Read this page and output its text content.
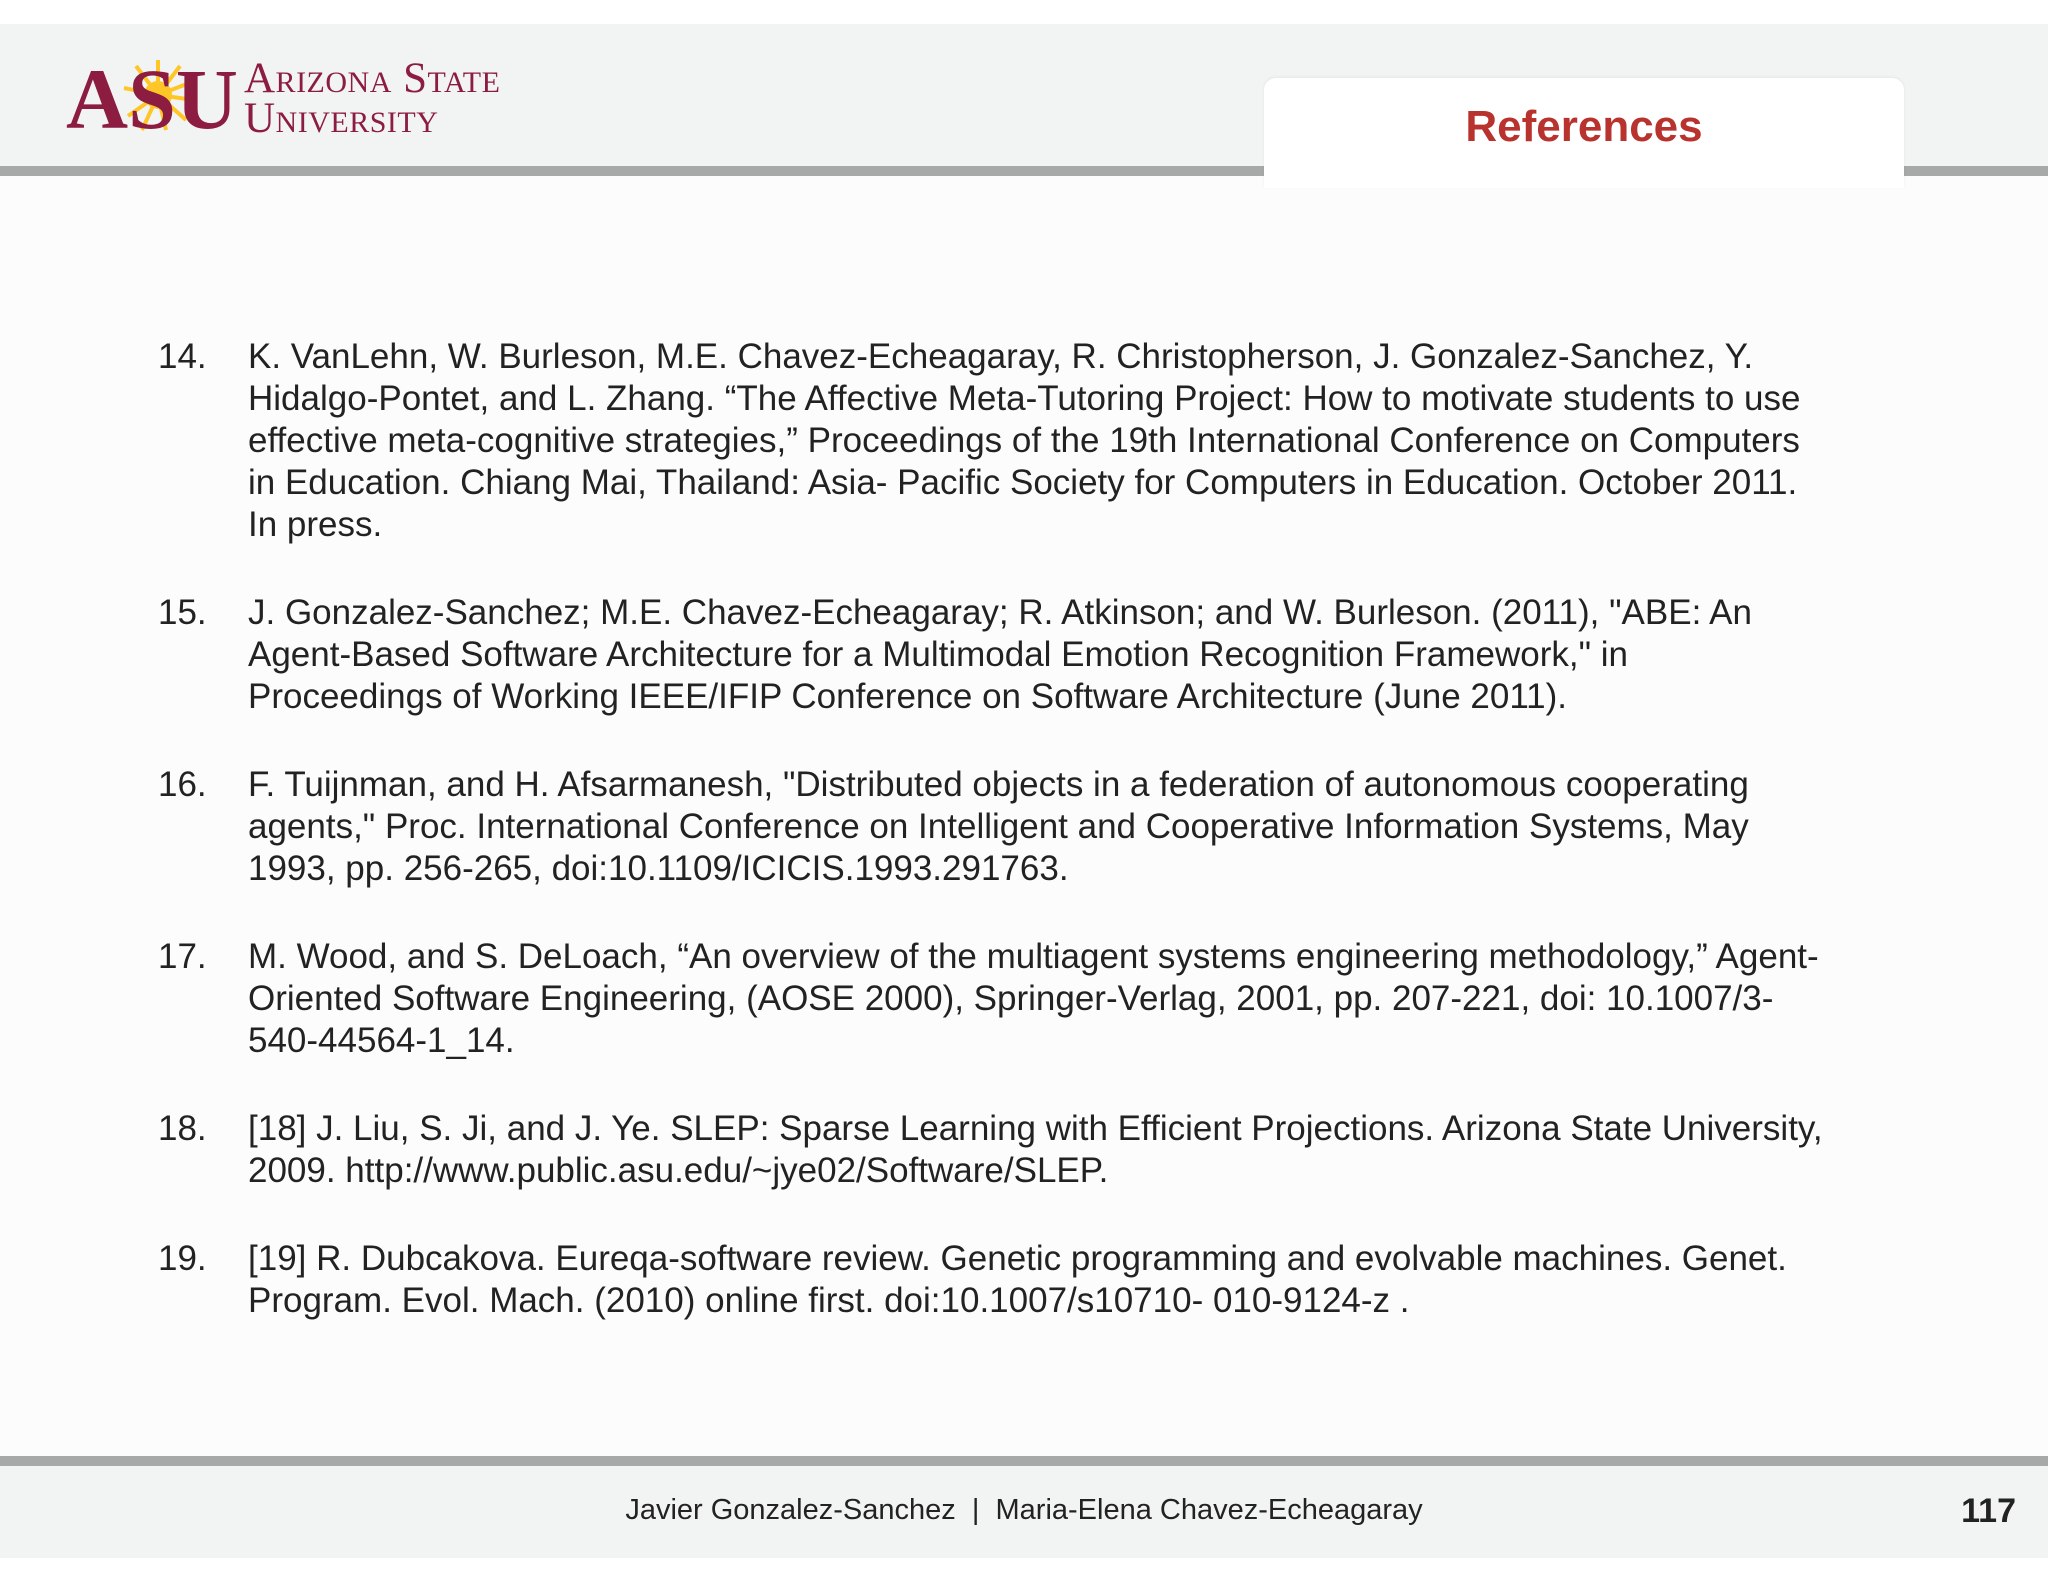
ASU Arizona State
University	References
14.	K. VanLehn, W. Burleson, M.E. Chavez-Echeagaray, R. Christopherson, J. Gonzalez-Sanchez, Y. Hidalgo-Pontet, and L. Zhang. “The Affective Meta-Tutoring Project: How to motivate students to use effective meta-cognitive strategies,” Proceedings of the 19th International Conference on Computers in Education. Chiang Mai, Thailand: Asia- Pacific Society for Computers in Education. October 2011. In press.
15.	J. Gonzalez-Sanchez; M.E. Chavez-Echeagaray; R. Atkinson; and W. Burleson. (2011), "ABE: An Agent-Based Software Architecture for a Multimodal Emotion Recognition Framework," in Proceedings of Working IEEE/IFIP Conference on Software Architecture (June 2011).
16.	F. Tuijnman, and H. Afsarmanesh, "Distributed objects in a federation of autonomous cooperating agents," Proc. International Conference on Intelligent and Cooperative Information Systems, May 1993, pp. 256-265, doi:10.1109/ICICIS.1993.291763.
17.	M. Wood, and S. DeLoach, “An overview of the multiagent systems engineering methodology,” Agent-Oriented Software Engineering, (AOSE 2000), Springer-Verlag, 2001, pp. 207-221, doi: 10.1007/3-540-44564-1_14.
18.	[18] J. Liu, S. Ji, and J. Ye. SLEP: Sparse Learning with Efficient Projections. Arizona State University, 2009. http://www.public.asu.edu/~jye02/Software/SLEP.
19.	[19] R. Dubcakova. Eureqa-software review. Genetic programming and evolvable machines. Genet. Program. Evol. Mach. (2010) online first. doi:10.1007/s10710- 010-9124-z .
Javier Gonzalez-Sanchez  |  Maria-Elena Chavez-Echeagaray	117
